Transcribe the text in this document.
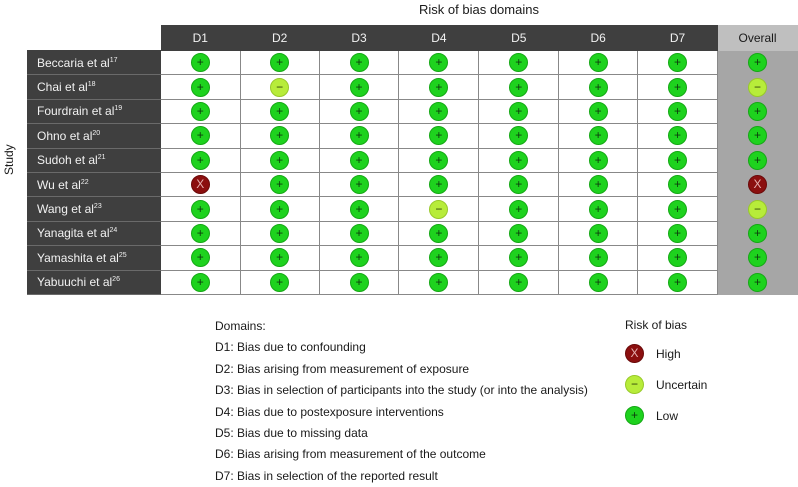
Risk of bias domains
Study
	D1	D2	D3	D4	D5	D6	D7	Overall
Beccaria et $al^{17}$	+	+	+	+	+	+	+	+
Chai et $al^{18}$	+	−	+	+	+	+	+	−
Fourdrain et $al^{19}$	+	+	+	+	+	+	+	+
Ohno et $al^{20}$	+	+	+	+	+	+	+	+
Sudoh et $al^{21}$	+	+	+	+	+	+	+	+
Wu et $al^{22}$	X	+	+	+	+	+	+	X
Wang et $al^{23}$	+	+	+	−	+	+	+	−
Yanagita et $al^{24}$	+	+	+	+	+	+	+	+
Yamashita et $al^{25}$	+	+	+	+	+	+	+	+
Yabuuchi et $al^{26}$	+	+	+	+	+	+	+	+
Domains:
D1: Bias due to confounding
D2: Bias arising from measurement of exposure
D3: Bias in selection of participants into the study (or into the analysis)
D4: Bias due to postexposure interventions
D5: Bias due to missing data
D6: Bias arising from measurement of the outcome
D7: Bias in selection of the reported result
Risk of bias
X	High
−	Uncertain
+	Low
